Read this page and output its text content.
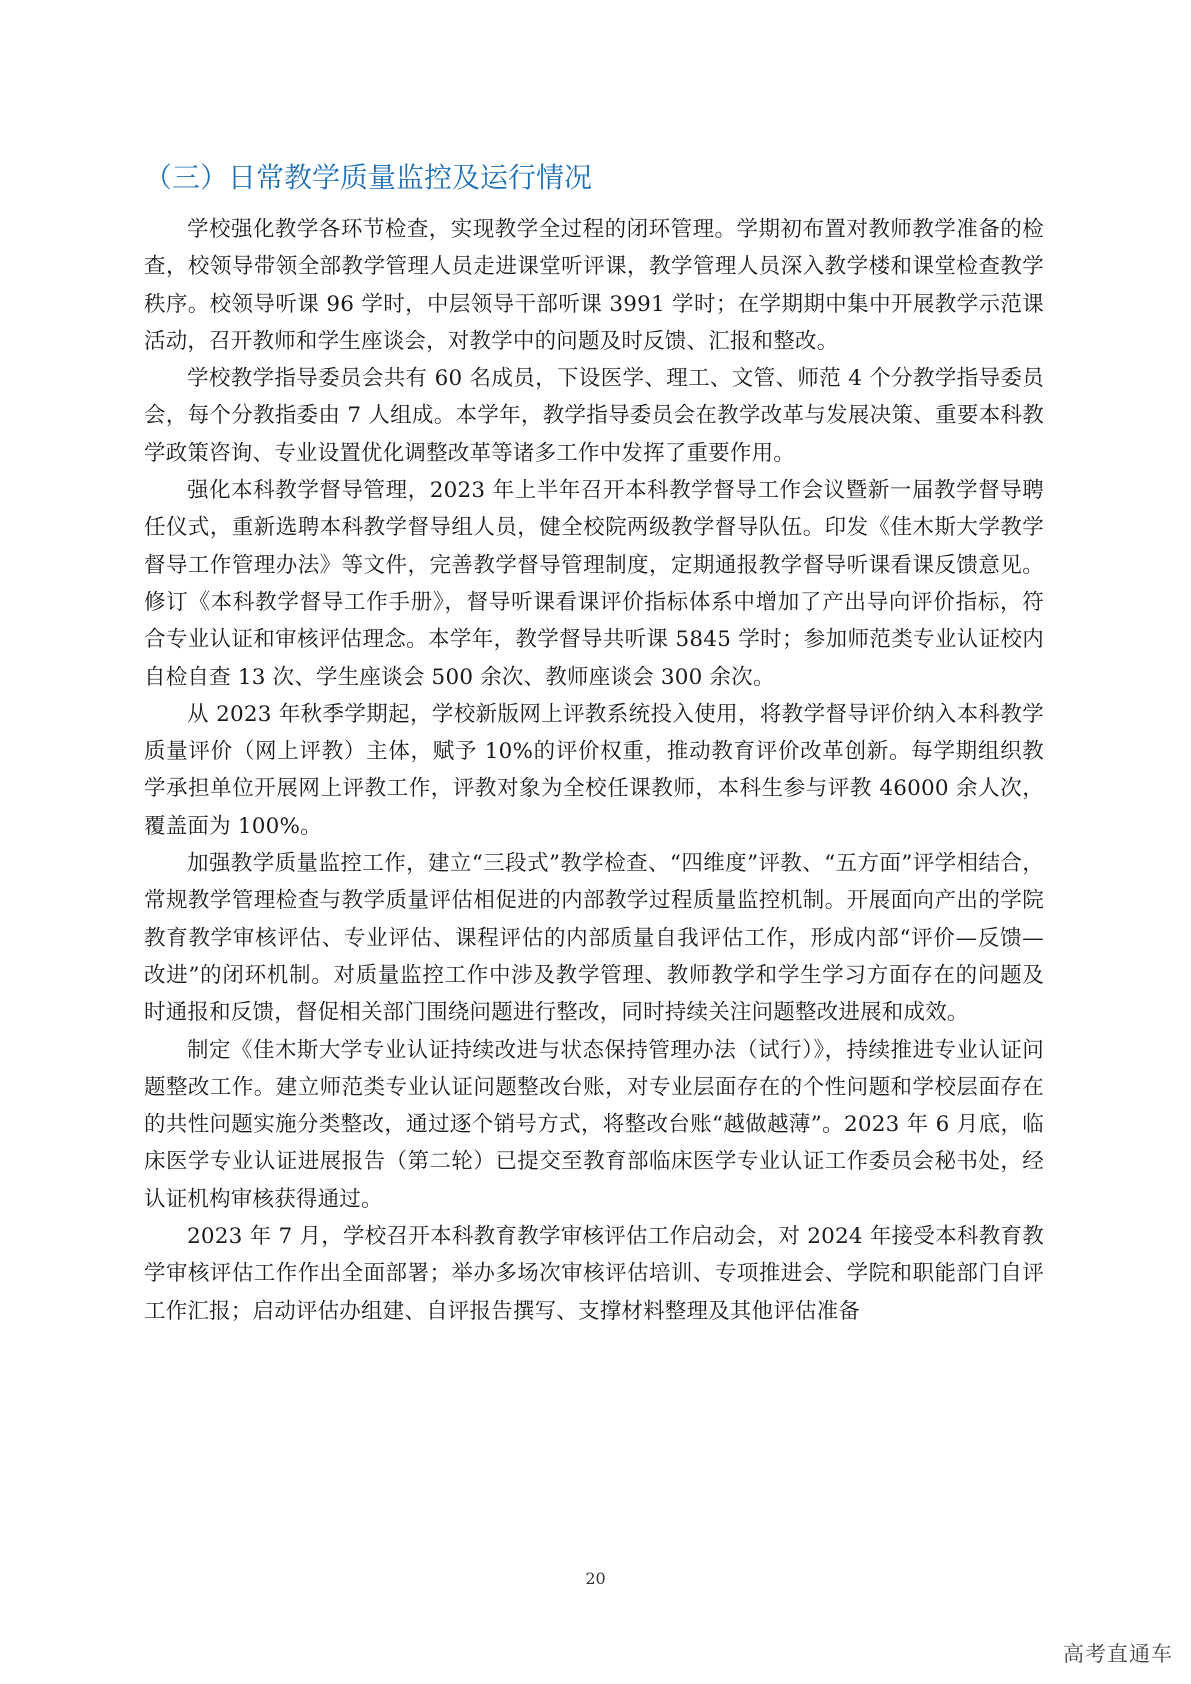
（三）日常教学质量监控及运行情况

学校强化教学各环节检查，实现教学全过程的闭环管理。学期初布置对教师教学准备的检查，校领导带领全部教学管理人员走进课堂听评课，教学管理人员深入教学楼和课堂检查教学秩序。校领导听课 96 学时，中层领导干部听课 3991 学时；在学期期中集中开展教学示范课活动，召开教师和学生座谈会，对教学中的问题及时反馈、汇报和整改。

学校教学指导委员会共有 60 名成员，下设医学、理工、文管、师范 4 个分教学指导委员会，每个分教指委由 7 人组成。本学年，教学指导委员会在教学改革与发展决策、重要本科教学政策咨询、专业设置优化调整改革等诸多工作中发挥了重要作用。

强化本科教学督导管理，2023 年上半年召开本科教学督导工作会议暨新一届教学督导聘任仪式，重新选聘本科教学督导组人员，健全校院两级教学督导队伍。印发《佳木斯大学教学督导工作管理办法》等文件，完善教学督导管理制度，定期通报教学督导听课看课反馈意见。修订《本科教学督导工作手册》，督导听课看课评价指标体系中增加了产出导向评价指标，符合专业认证和审核评估理念。本学年，教学督导共听课 5845 学时；参加师范类专业认证校内自检自查 13 次、学生座谈会 500 余次、教师座谈会 300 余次。

从 2023 年秋季学期起，学校新版网上评教系统投入使用，将教学督导评价纳入本科教学质量评价（网上评教）主体，赋予 10%的评价权重，推动教育评价改革创新。每学期组织教学承担单位开展网上评教工作，评教对象为全校任课教师，本科生参与评教 46000 余人次，覆盖面为 100%。

加强教学质量监控工作，建立“三段式”教学检查、“四维度”评教、“五方面”评学相结合，常规教学管理检查与教学质量评估相促进的内部教学过程质量监控机制。开展面向产出的学院教育教学审核评估、专业评估、课程评估的内部质量自我评估工作，形成内部“评价—反馈—改进”的闭环机制。对质量监控工作中涉及教学管理、教师教学和学生学习方面存在的问题及时通报和反馈，督促相关部门围绕问题进行整改，同时持续关注问题整改进展和成效。

制定《佳木斯大学专业认证持续改进与状态保持管理办法（试行）》，持续推进专业认证问题整改工作。建立师范类专业认证问题整改台账，对专业层面存在的个性问题和学校层面存在的共性问题实施分类整改，通过逐个销号方式，将整改台账“越做越薄”。2023 年 6 月底，临床医学专业认证进展报告（第二轮）已提交至教育部临床医学专业认证工作委员会秘书处，经认证机构审核获得通过。

2023 年 7 月，学校召开本科教育教学审核评估工作启动会，对 2024 年接受本科教育教学审核评估工作作出全面部署；举办多场次审核评估培训、专项推进会、学院和职能部门自评工作汇报；启动评估办组建、自评报告撰写、支撑材料整理及其他评估准备

20
高考直通车
